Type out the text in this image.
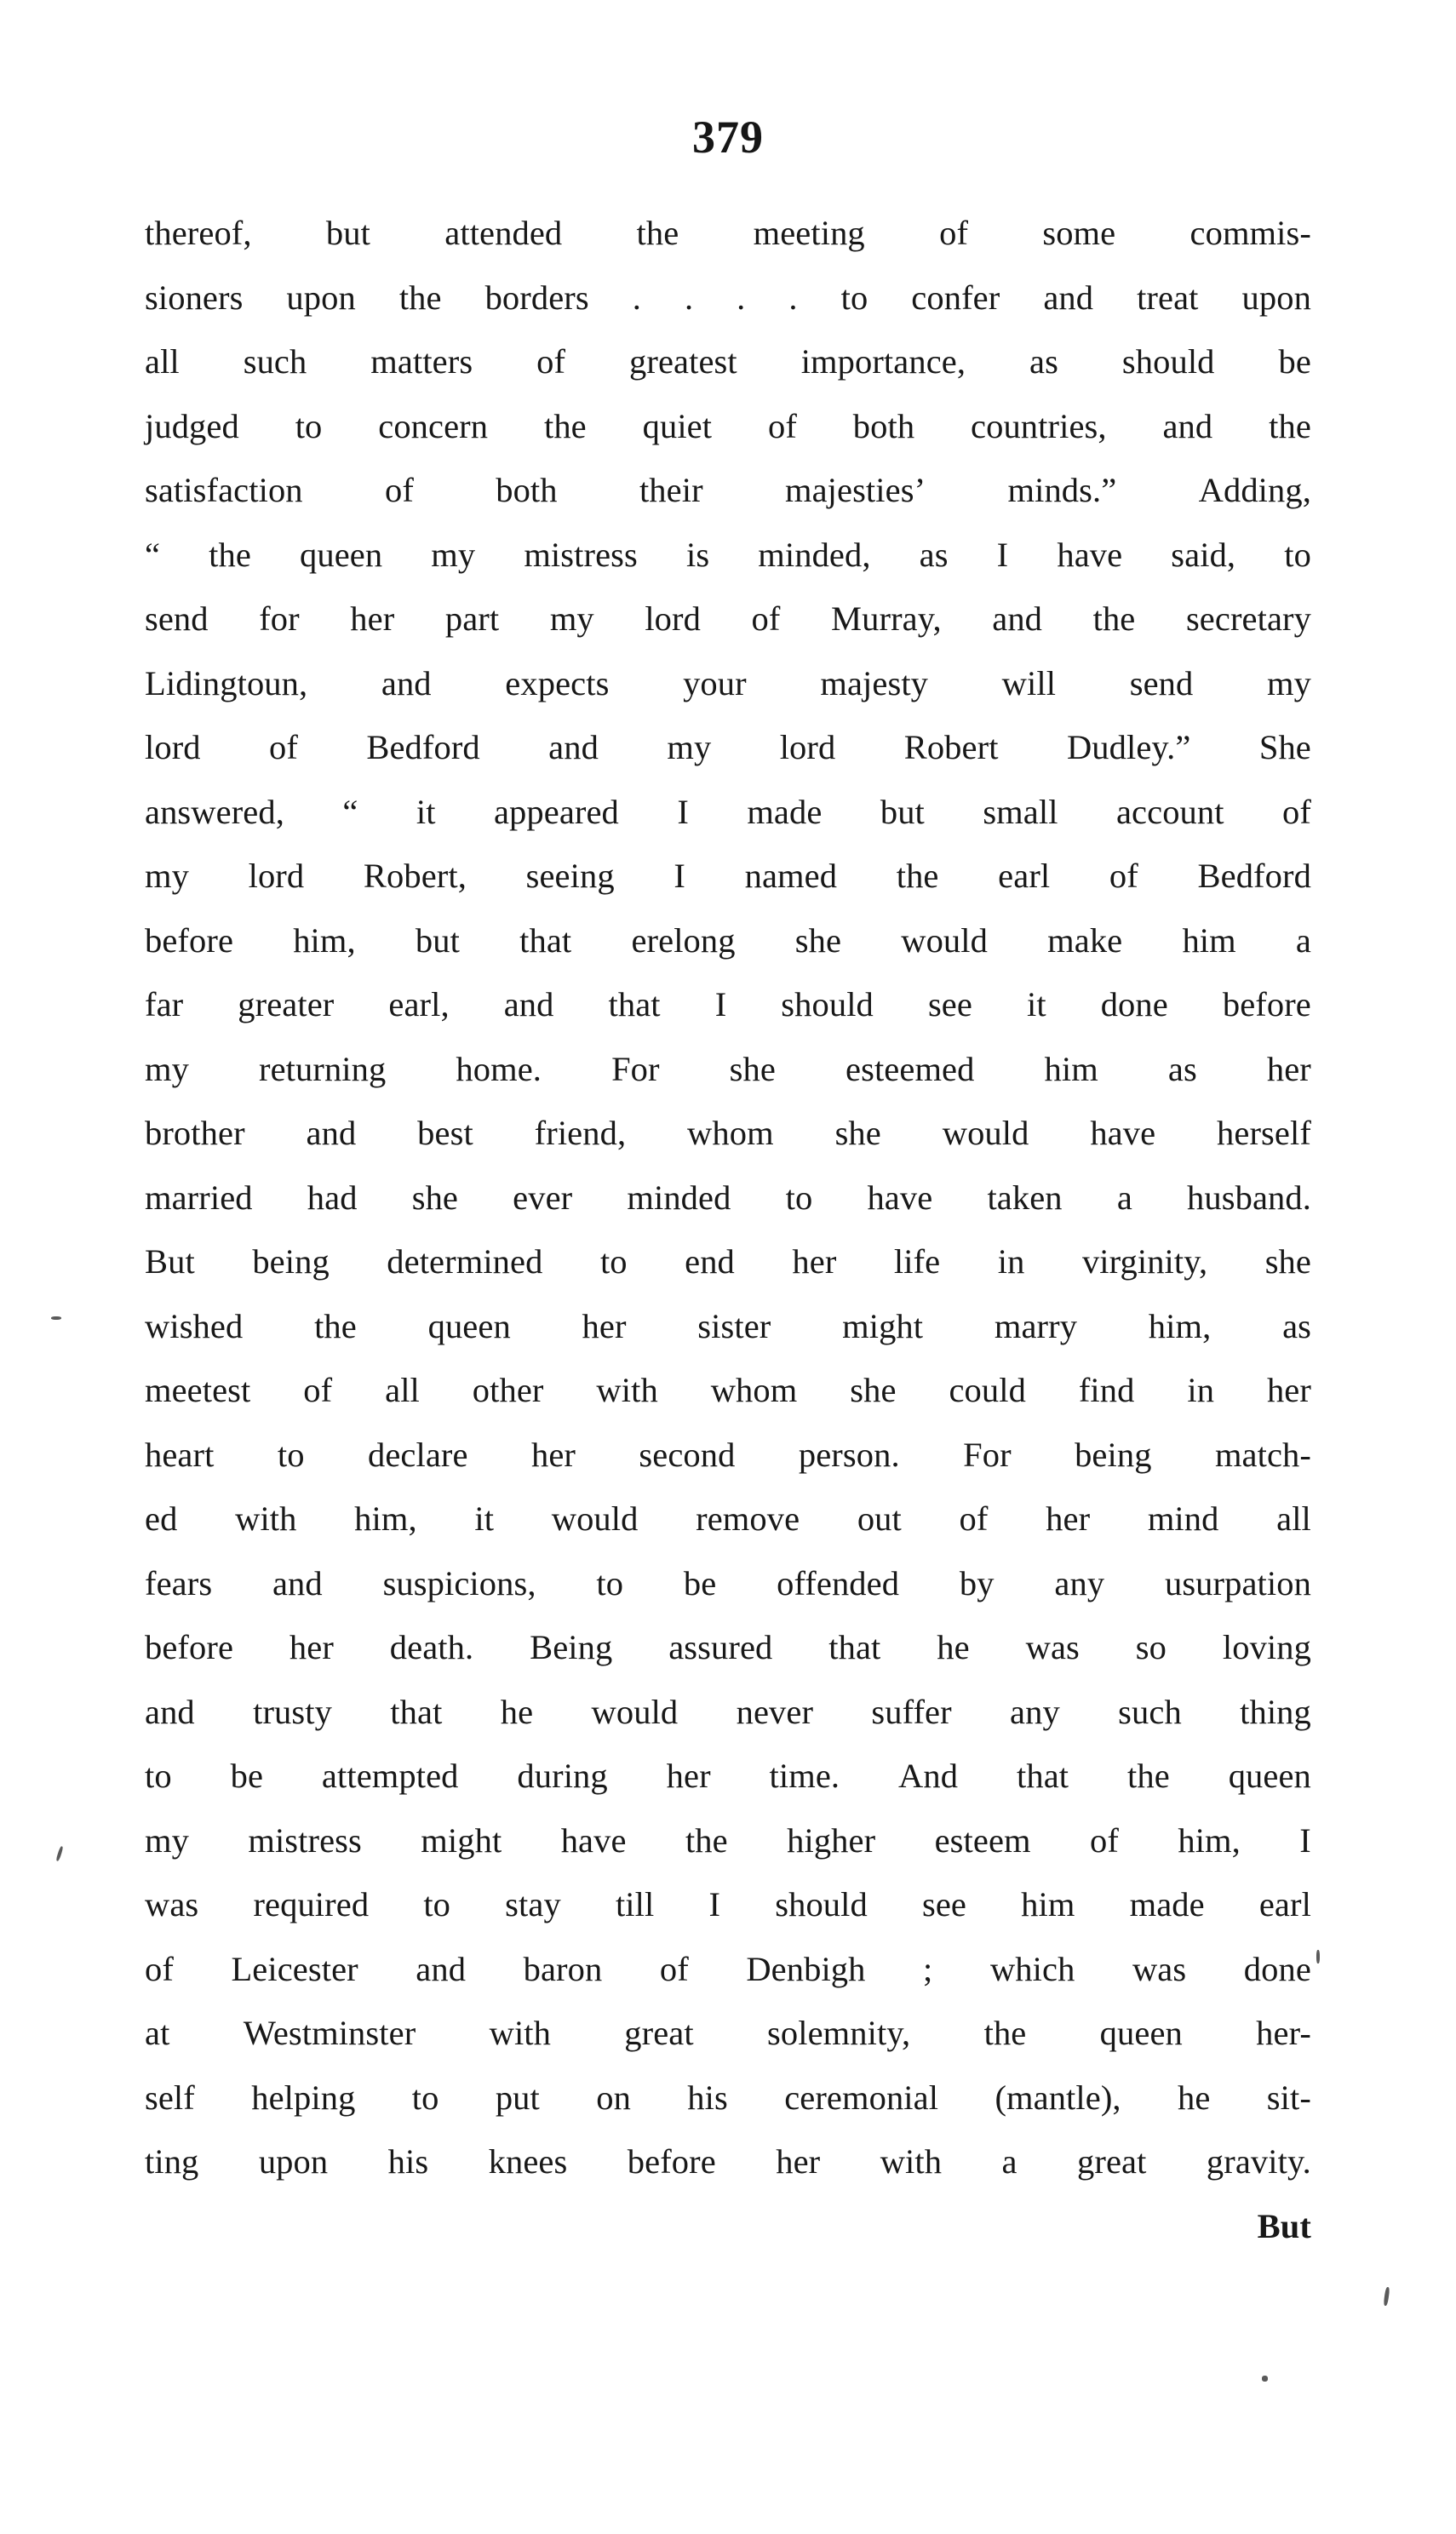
379
thereof, but attended the meeting of some commis-
sioners upon the borders . . . . to confer and treat upon
all such matters of greatest importance, as should be
judged to concern the quiet of both countries, and the
satisfaction of both their majesties’ minds.” Adding,
“ the queen my mistress is minded, as I have said, to
send for her part my lord of Murray, and the secretary
Lidingtoun, and expects your majesty will send my
lord of Bedford and my lord Robert Dudley.” She
answered, “ it appeared I made but small account of
my lord Robert, seeing I named the earl of Bedford
before him, but that erelong she would make him a
far greater earl, and that I should see it done before
my returning home. For she esteemed him as her
brother and best friend, whom she would have herself
married had she ever minded to have taken a husband.
But being determined to end her life in virginity, she
wished the queen her sister might marry him, as
meetest of all other with whom she could find in her
heart to declare her second person. For being match-
ed with him, it would remove out of her mind all
fears and suspicions, to be offended by any usurpation
before her death. Being assured that he was so loving
and trusty that he would never suffer any such thing
to be attempted during her time. And that the queen
my mistress might have the higher esteem of him, I
was required to stay till I should see him made earl
of Leicester and baron of Denbigh ; which was done
at Westminster with great solemnity, the queen her-
self helping to put on his ceremonial (mantle), he sit-
ting upon his knees before her with a great gravity.
But
